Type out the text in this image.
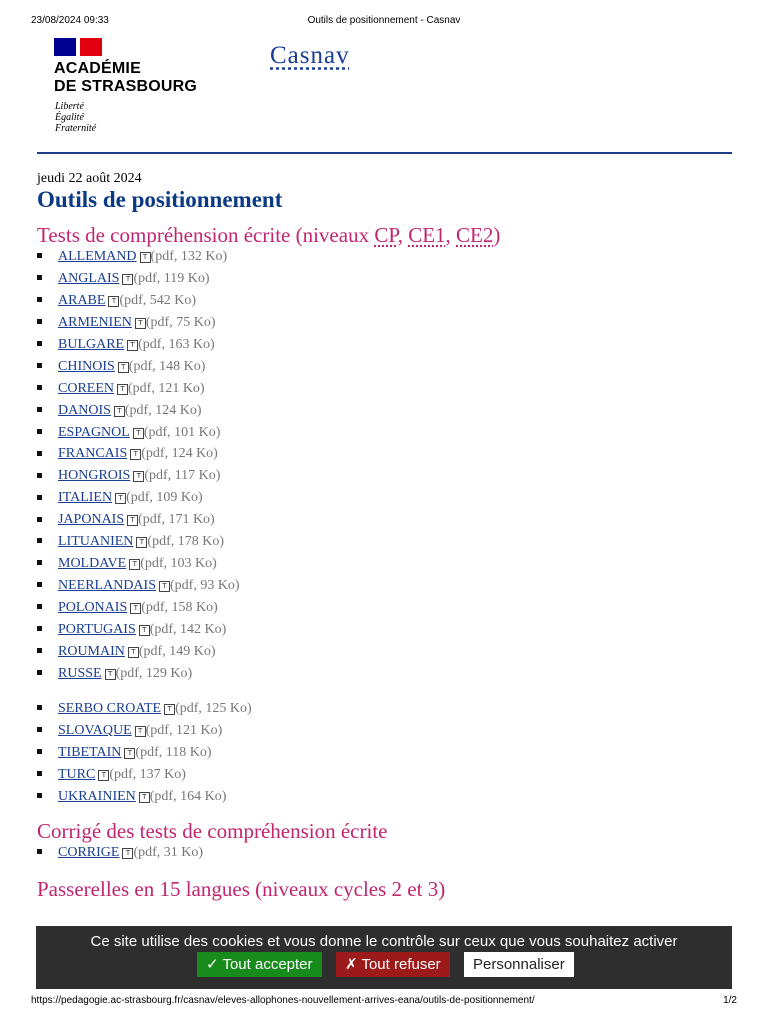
23/08/2024 09:33	Outils de positionnement - Casnav
ACADÉMIE
DE STRASBOURG
Liberté
Égalité
Fraternité
Casnav
jeudi 22 août 2024
Outils de positionnement
Tests de compréhension écrite (niveaux CP, CE1, CE2)
ALLEMAND T (pdf, 132 Ko)
ANGLAIS T (pdf, 119 Ko)
ARABE T (pdf, 542 Ko)
ARMENIEN T (pdf, 75 Ko)
BULGARE T (pdf, 163 Ko)
CHINOIS T (pdf, 148 Ko)
COREEN T (pdf, 121 Ko)
DANOIS T (pdf, 124 Ko)
ESPAGNOL T (pdf, 101 Ko)
FRANCAIS T (pdf, 124 Ko)
HONGROIS T (pdf, 117 Ko)
ITALIEN T (pdf, 109 Ko)
JAPONAIS T (pdf, 171 Ko)
LITUANIEN T (pdf, 178 Ko)
MOLDAVE T (pdf, 103 Ko)
NEERLANDAIS T (pdf, 93 Ko)
POLONAIS T (pdf, 158 Ko)
PORTUGAIS T (pdf, 142 Ko)
ROUMAIN T (pdf, 149 Ko)
RUSSE T (pdf, 129 Ko)
SERBO CROATE T (pdf, 125 Ko)
SLOVAQUE T (pdf, 121 Ko)
TIBETAIN T (pdf, 118 Ko)
TURC T (pdf, 137 Ko)
UKRAINIEN T (pdf, 164 Ko)
Corrigé des tests de compréhension écrite
CORRIGE T (pdf, 31 Ko)
Passerelles en 15 langues (niveaux cycles 2 et 3)
Ce site utilise des cookies et vous donne le contrôle sur ceux que vous souhaitez activer
✓ Tout accepter	✗ Tout refuser	Personnaliser
https://pedagogie.ac-strasbourg.fr/casnav/eleves-allophones-nouvellement-arrives-eana/outils-de-positionnement/	1/2
